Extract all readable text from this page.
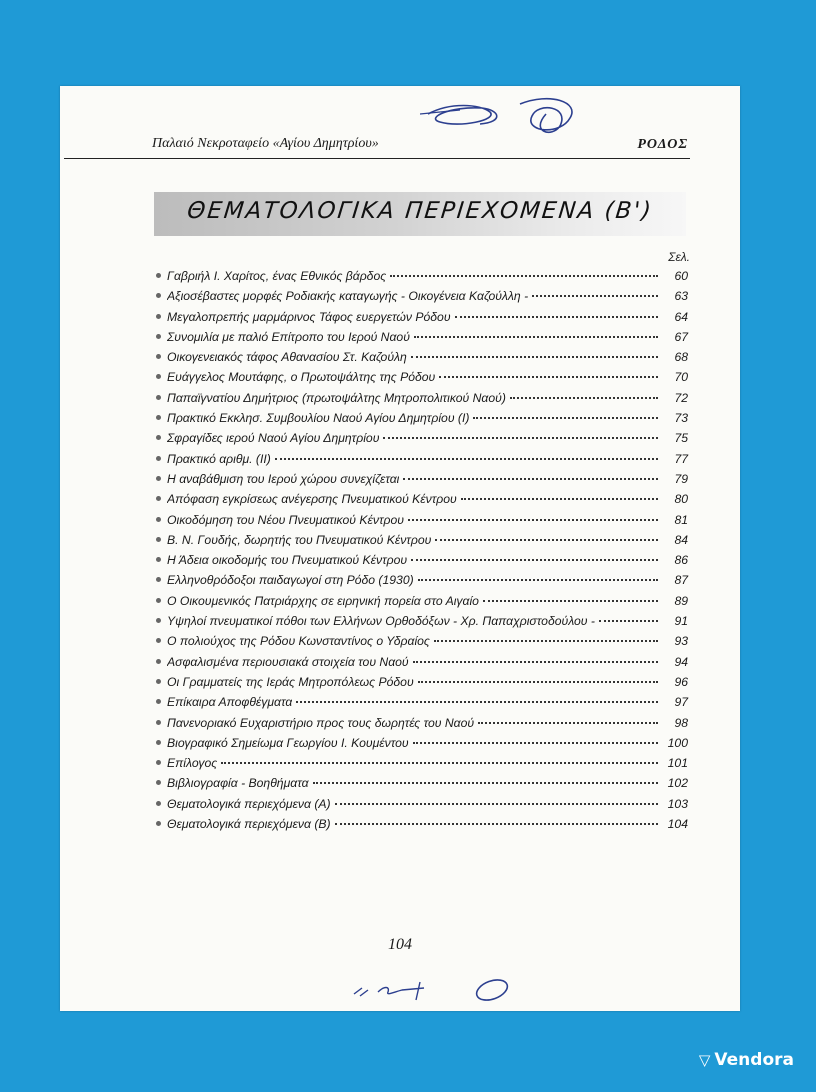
Παλαιό Νεκροταφείο «Αγίου Δημητρίου»	ΡΟΔΟΣ
ΘΕΜΑΤΟΛΟΓΙΚΑ ΠΕΡΙΕΧΟΜΕΝΑ (Β')
Σελ.
Γαβριήλ Ι. Χαρίτος, ένας Εθνικός βάρδος	60
Αξιοσέβαστες μορφές Ροδιακής καταγωγής - Οικογένεια Καζούλλη -	63
Μεγαλοπρεπής μαρμάρινος Τάφος ευεργετών Ρόδου	64
Συνομιλία με παλιό Επίτροπο του Ιερού Ναού	67
Οικογενειακός τάφος Αθανασίου Στ. Καζούλη	68
Ευάγγελος Μουτάφης, ο Πρωτοψάλτης της Ρόδου	70
Παπαϊγνατίου Δημήτριος (πρωτοψάλτης Μητροπολιτικού Ναού)	72
Πρακτικό Εκκλησ. Συμβουλίου Ναού Αγίου Δημητρίου (Ι)	73
Σφραγίδες ιερού Ναού Αγίου Δημητρίου	75
Πρακτικό αριθμ. (ΙΙ)	77
Η αναβάθμιση του Ιερού χώρου συνεχίζεται	79
Απόφαση εγκρίσεως ανέγερσης Πνευματικού Κέντρου	80
Οικοδόμηση του Νέου Πνευματικού Κέντρου	81
Β. Ν. Γουδής, δωρητής του Πνευματικού Κέντρου	84
Η Άδεια οικοδομής του Πνευματικού Κέντρου	86
Ελληνοθρόδοξοι παιδαγωγοί στη Ρόδο (1930)	87
Ο Οικουμενικός Πατριάρχης σε ειρηνική πορεία στο Αιγαίο	89
Υψηλοί πνευματικοί πόθοι των Ελλήνων Ορθοδόξων - Χρ. Παπαχριστοδούλου -	91
Ο πολιούχος της Ρόδου Κωνσταντίνος ο Υδραίος	93
Ασφαλισμένα περιουσιακά στοιχεία του Ναού	94
Οι Γραμματείς της Ιεράς Μητροπόλεως Ρόδου	96
Επίκαιρα Αποφθέγματα	97
Πανενοριακό Ευχαριστήριο προς τους δωρητές του Ναού	98
Βιογραφικό Σημείωμα Γεωργίου Ι. Κουμέντου	100
Επίλογος	101
Βιβλιογραφία - Βοηθήματα	102
Θεματολογικά περιεχόμενα (Α)	103
Θεματολογικά περιεχόμενα (Β)	104
104
▽ Vendora
